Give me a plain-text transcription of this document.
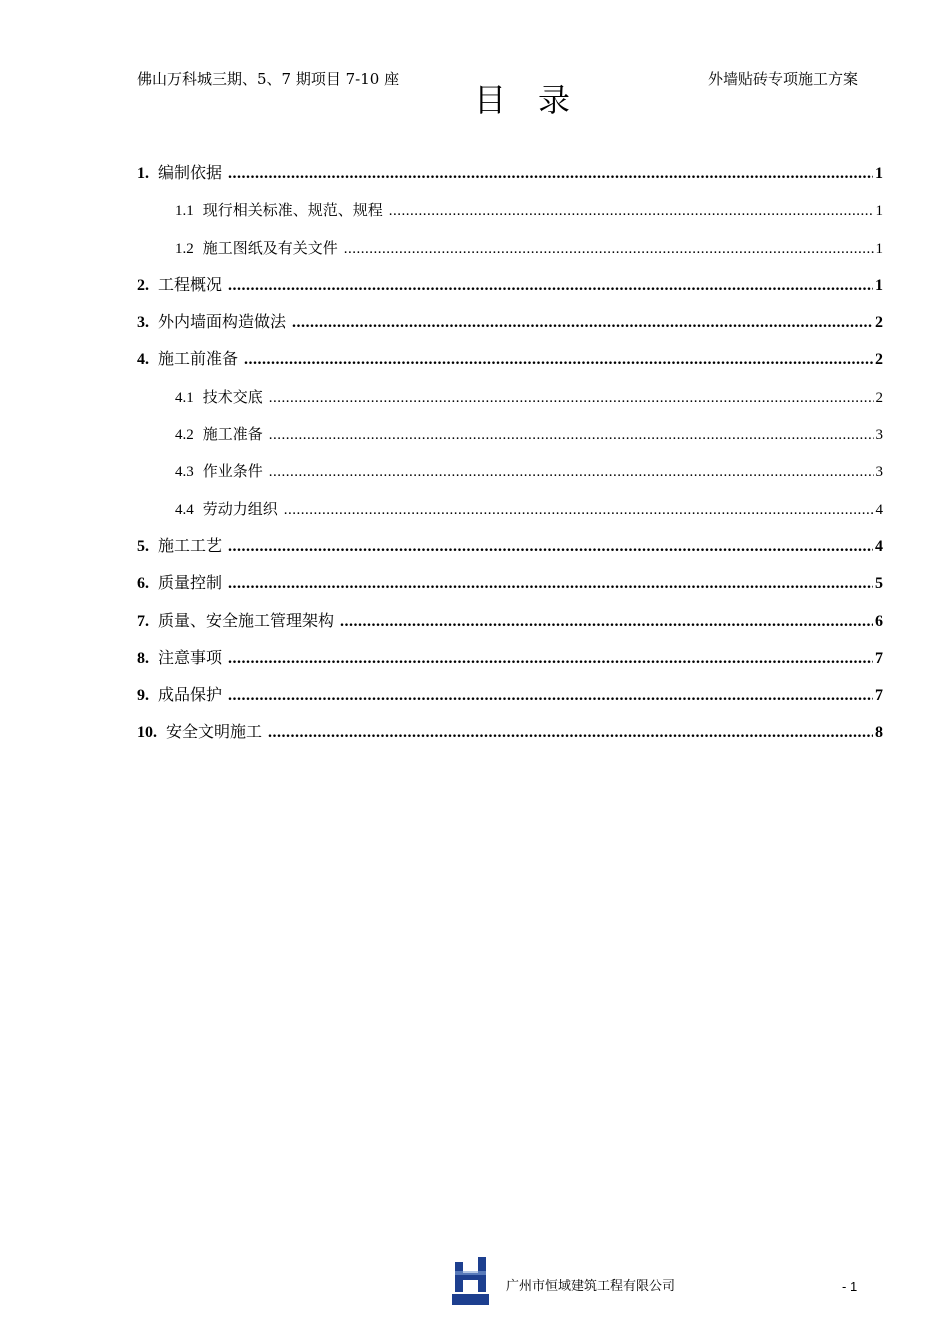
佛山万科城三期、5、7 期项目 7-10 座	外墙贴砖专项施工方案
目录
1. 编制依据 .....	1
1.1 现行相关标准、规范、规程 .....	1
1.2 施工图纸及有关文件 .....	1
2. 工程概况 .....	1
3. 外内墙面构造做法 .....	2
4. 施工前准备 .....	2
4.1 技术交底 .....	2
4.2 施工准备 .....	3
4.3 作业条件 .....	3
4.4 劳动力组织 .....	4
5. 施工工艺 .....	4
6. 质量控制 .....	5
7. 质量、安全施工管理架构 .....	6
8. 注意事项 .....	7
9. 成品保护 .....	7
10. 安全文明施工 .....	8
广州市恒域建筑工程有限公司	- 1
